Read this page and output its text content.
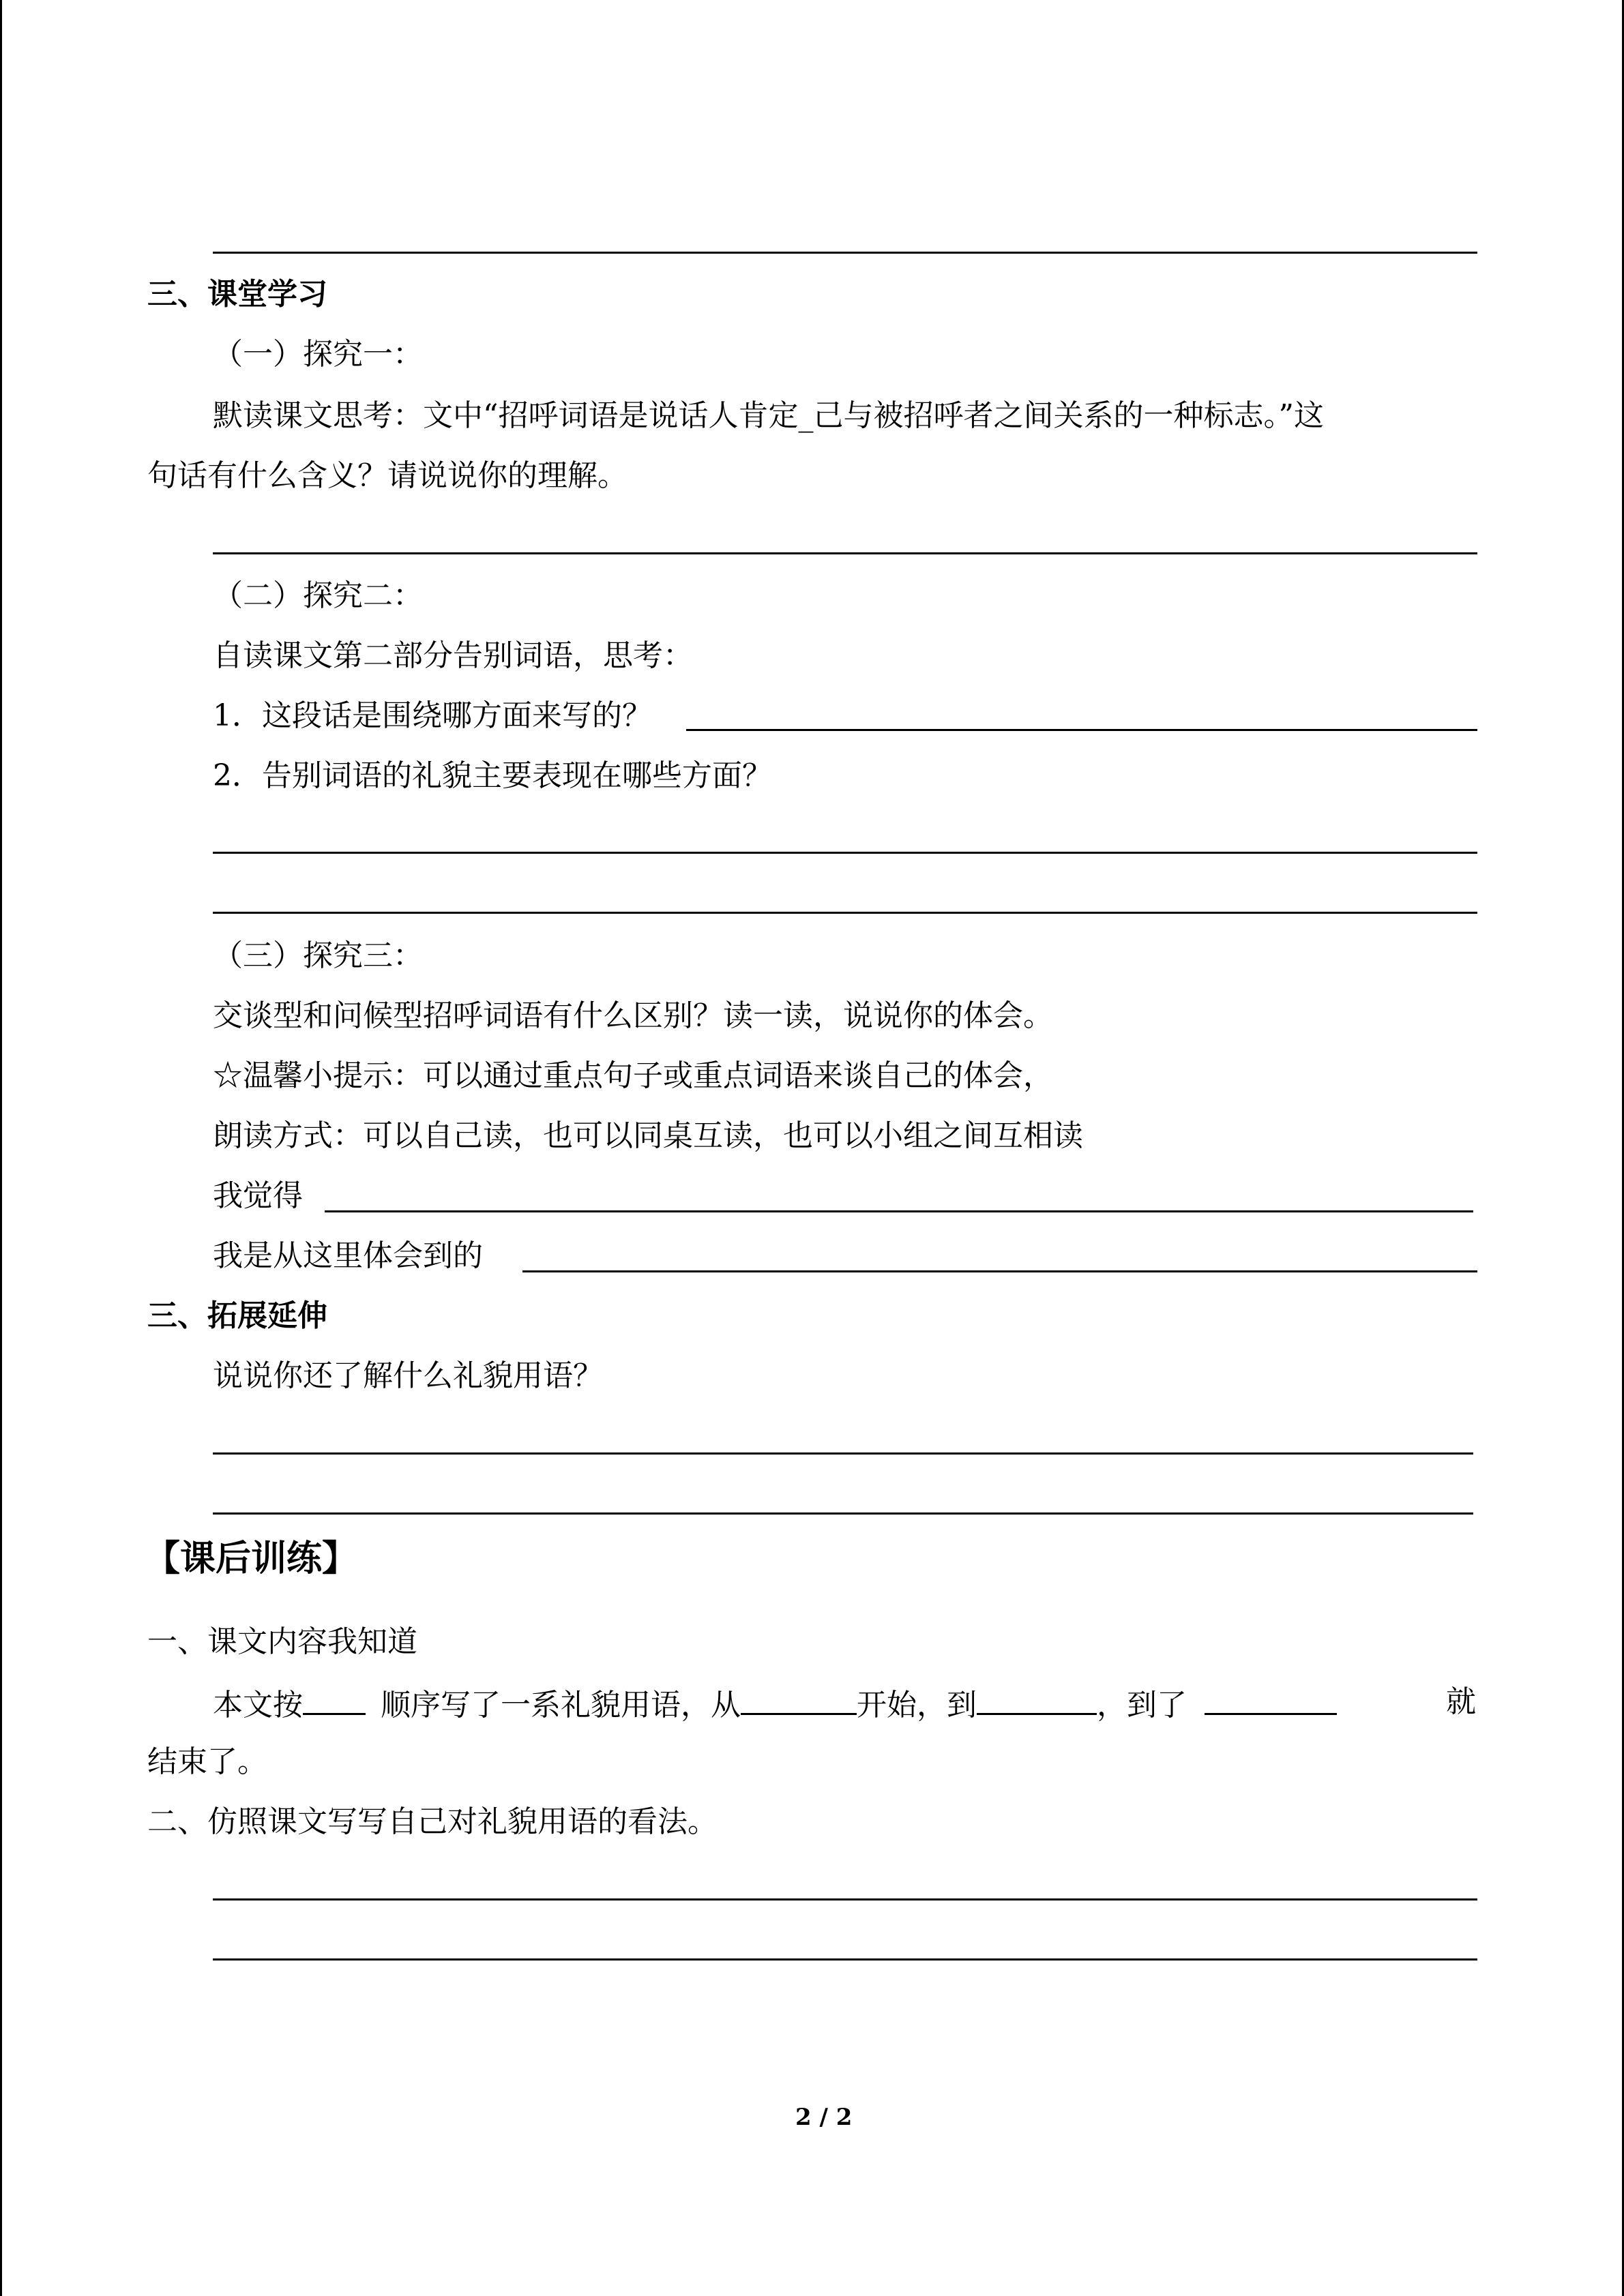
三、课堂学习
（一）探究一：
默读课文思考：文中“招呼词语是说话人肯定_己与被招呼者之间关系的一种标志。”这
句话有什么含义？请说说你的理解。
（二）探究二：
自读课文第二部分告别词语，思考：
1．这段话是围绕哪方面来写的？
2．告别词语的礼貌主要表现在哪些方面？
（三）探究三：
交谈型和问候型招呼词语有什么区别？读一读，说说你的体会。
☆温馨小提示：可以通过重点句子或重点词语来谈自己的体会，
朗读方式：可以自己读，也可以同桌互读，也可以小组之间互相读
我觉得
我是从这里体会到的
三、拓展延伸
说说你还了解什么礼貌用语？
【课后训练】
一、课文内容我知道
本文按	顺序写了一系礼貌用语，从	开始，到	，到了	就
结束了。
二、仿照课文写写自己对礼貌用语的看法。
2 / 2
